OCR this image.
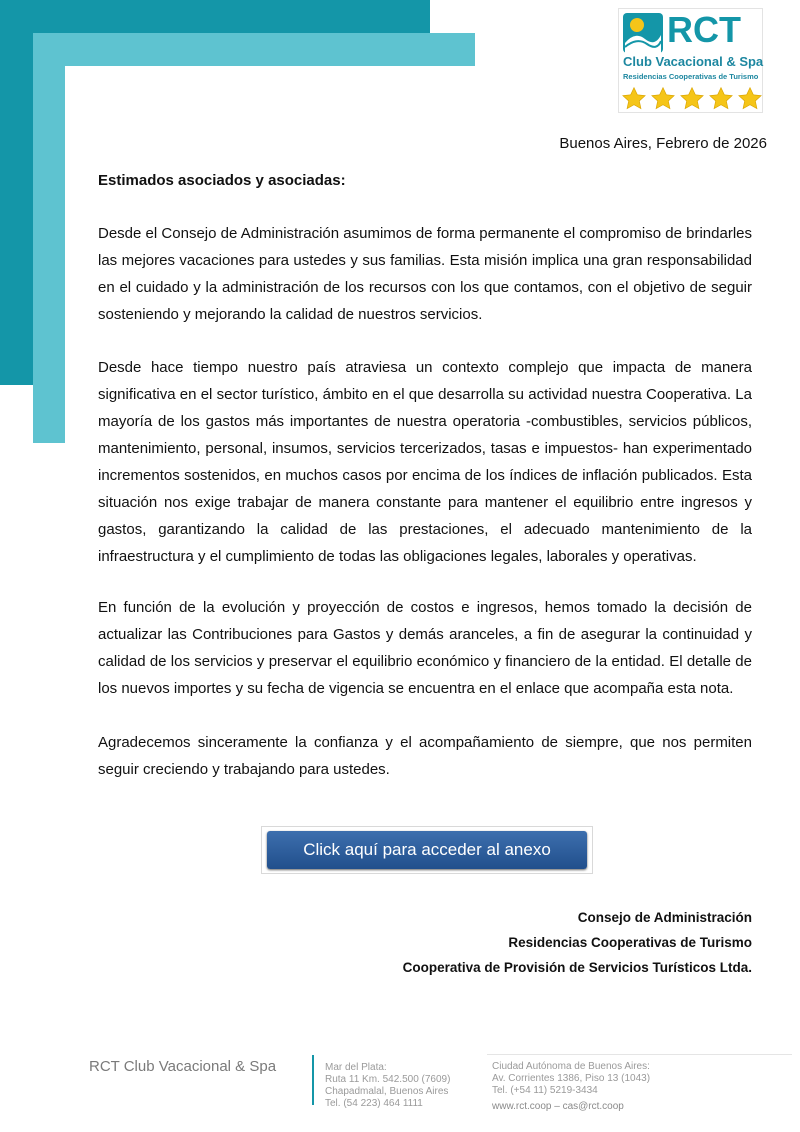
RCT
Club Vacacional & Spa
Residencias Cooperativas de Turismo
Buenos Aires, Febrero de 2026
Estimados asociados y asociadas:

Desde el Consejo de Administración asumimos de forma permanente el compromiso de brindarles las mejores vacaciones para ustedes y sus familias. Esta misión implica una gran responsabilidad en el cuidado y la administración de los recursos con los que contamos, con el objetivo de seguir sosteniendo y mejorando la calidad de nuestros servicios.

Desde hace tiempo nuestro país atraviesa un contexto complejo que impacta de manera significativa en el sector turístico, ámbito en el que desarrolla su actividad nuestra Cooperativa. La mayoría de los gastos más importantes de nuestra operatoria -combustibles, servicios públicos, mantenimiento, personal, insumos, servicios tercerizados, tasas e impuestos- han experimentado incrementos sostenidos, en muchos casos por encima de los índices de inflación publicados. Esta situación nos exige trabajar de manera constante para mantener el equilibrio entre ingresos y gastos, garantizando la calidad de las prestaciones, el adecuado mantenimiento de la infraestructura y el cumplimiento de todas las obligaciones legales, laborales y operativas.

En función de la evolución y proyección de costos e ingresos, hemos tomado la decisión de actualizar las Contribuciones para Gastos y demás aranceles, a fin de asegurar la continuidad y calidad de los servicios y preservar el equilibrio económico y financiero de la entidad. El detalle de los nuevos importes y su fecha de vigencia se encuentra en el enlace que acompaña esta nota.

Agradecemos sinceramente la confianza y el acompañamiento de siempre, que nos permiten seguir creciendo y trabajando para ustedes.

Click aquí para acceder al anexo
Consejo de Administración
Residencias Cooperativas de Turismo
Cooperativa de Provisión de Servicios Turísticos Ltda.
RCT Club Vacacional & Spa	Mar del Plata:
Ruta 11 Km. 542.500 (7609)
Chapadmalal, Buenos Aires
Tel. (54 223) 464 1111
Ciudad Autónoma de Buenos Aires:
Av. Corrientes 1386, Piso 13 (1043)
Tel. (+54 11) 5219-3434
www.rct.coop – cas@rct.coop
